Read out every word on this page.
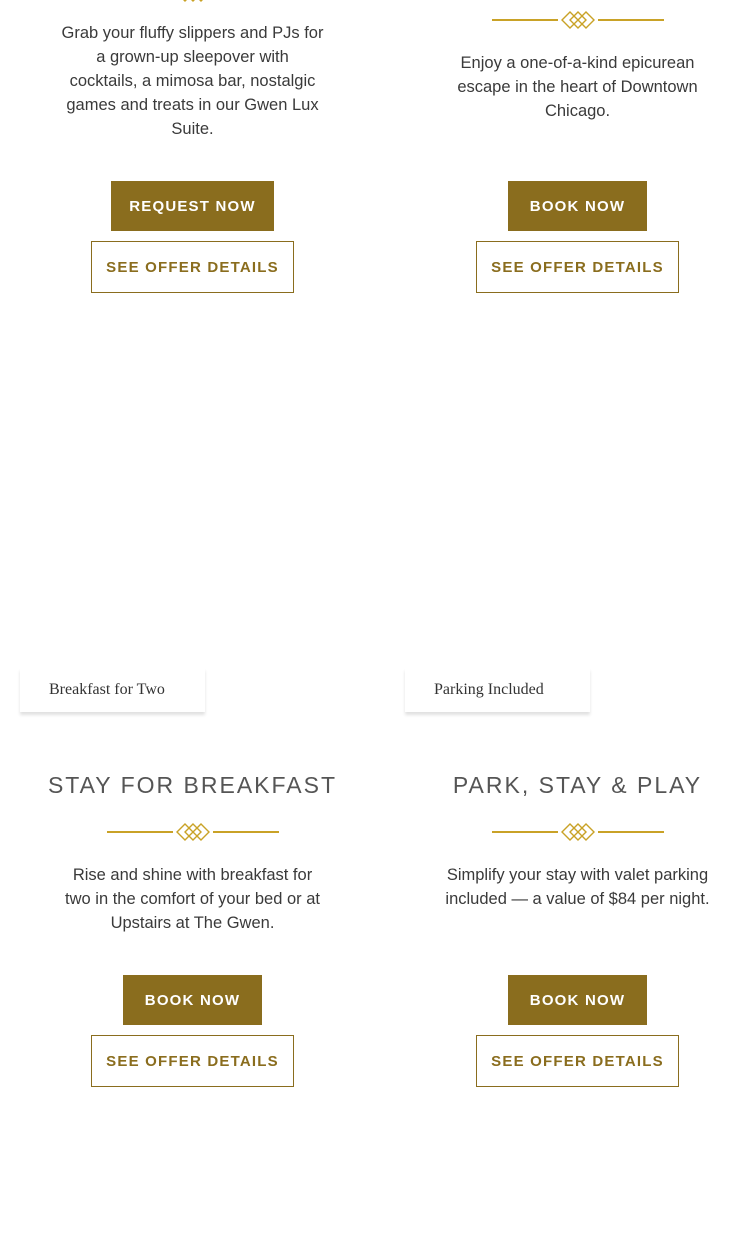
Grab your fluffy slippers and PJs for a grown-up sleepover with cocktails, a mimosa bar, nostalgic games and treats in our Gwen Lux Suite.
REQUEST NOW
SEE OFFER DETAILS
Enjoy a one-of-a-kind epicurean escape in the heart of Downtown Chicago.
BOOK NOW
SEE OFFER DETAILS
Breakfast for Two
STAY FOR BREAKFAST
Rise and shine with breakfast for two in the comfort of your bed or at Upstairs at The Gwen.
BOOK NOW
SEE OFFER DETAILS
Parking Included
PARK, STAY & PLAY
Simplify your stay with valet parking included — a value of $84 per night.
BOOK NOW
SEE OFFER DETAILS
